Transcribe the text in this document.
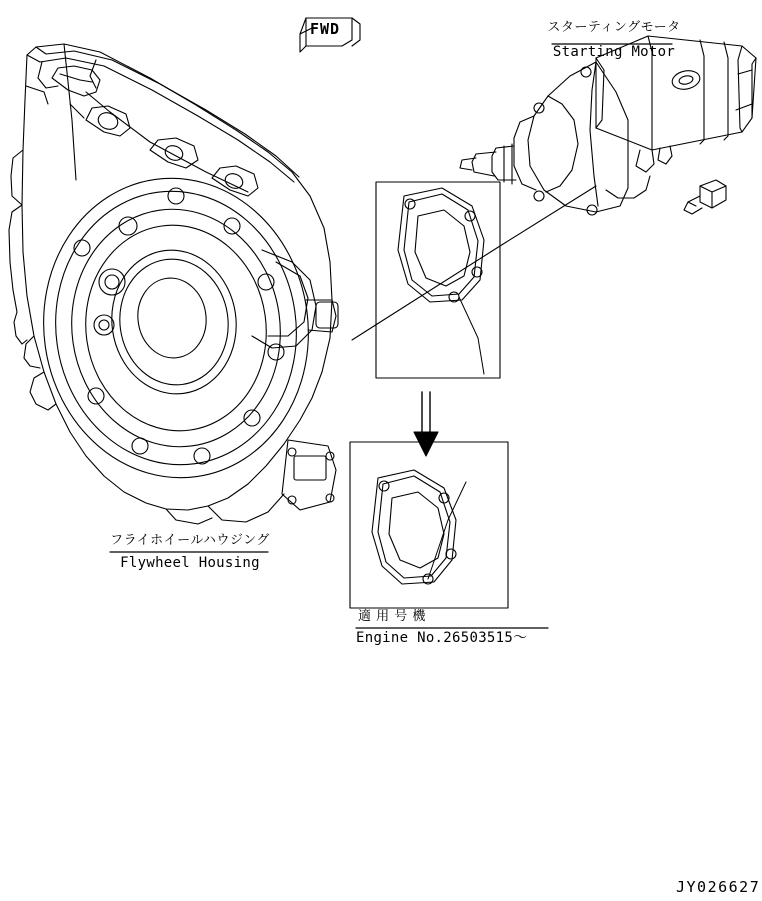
FWD	スターティングモータ
Starting Motor
フライホイールハウジング
Flywheel Housing
適 用 号 機
Engine No.26503515〜
JY026627
